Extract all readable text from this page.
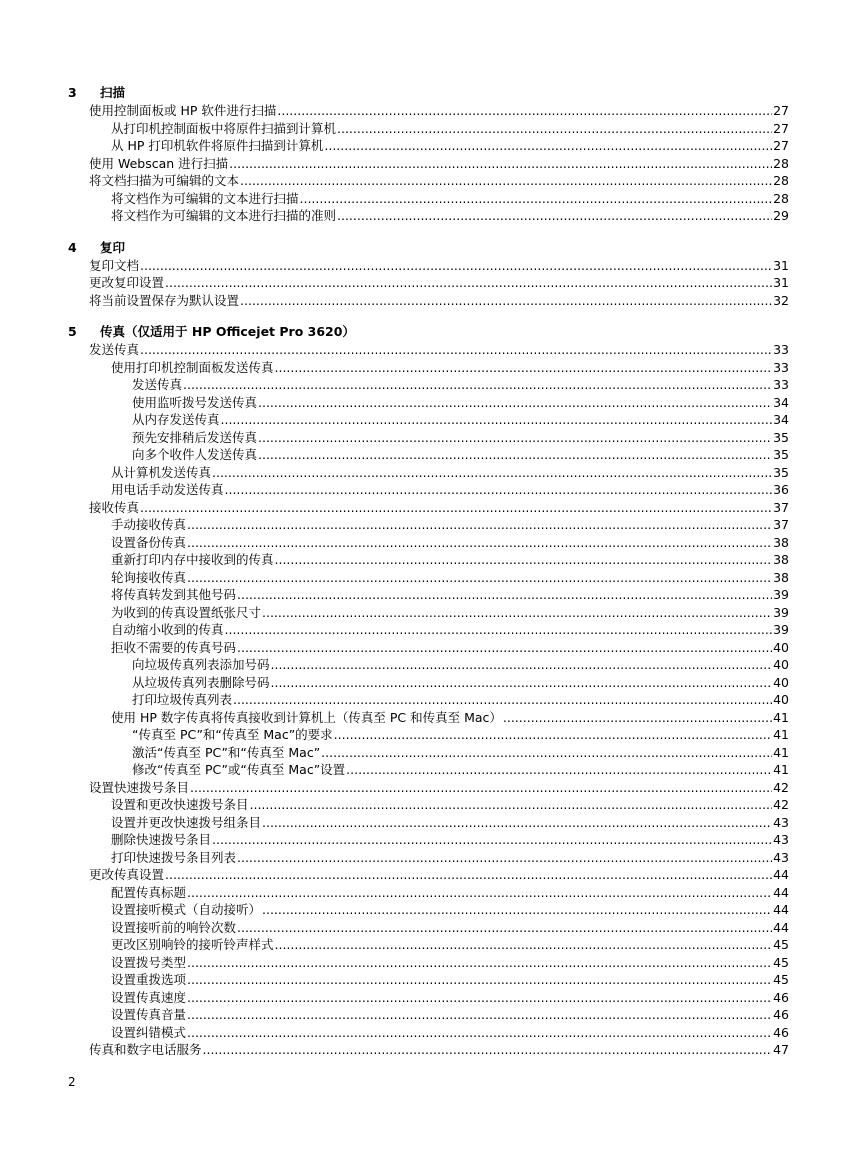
3	扫描
使用控制面板或 HP 软件进行扫描 .....	27
从打印机控制面板中将原件扫描到计算机 .....	27
从 HP 打印机软件将原件扫描到计算机 .....	27
使用 Webscan 进行扫描 .....	28
将文档扫描为可编辑的文本 .....	28
将文档作为可编辑的文本进行扫描 .....	28
将文档作为可编辑的文本进行扫描的准则 .....	29
4	复印
复印文档 .....	31
更改复印设置 .....	31
将当前设置保存为默认设置 .....	32
5	传真（仅适用于 HP Officejet Pro 3620）
发送传真 .....	33
使用打印机控制面板发送传真 .....	33
发送传真 .....	33
使用监听拨号发送传真 .....	34
从内存发送传真 .....	34
预先安排稍后发送传真 .....	35
向多个收件人发送传真 .....	35
从计算机发送传真 .....	35
用电话手动发送传真 .....	36
接收传真 .....	37
手动接收传真 .....	37
设置备份传真 .....	38
重新打印内存中接收到的传真 .....	38
轮询接收传真 .....	38
将传真转发到其他号码 .....	39
为收到的传真设置纸张尺寸 .....	39
自动缩小收到的传真 .....	39
拒收不需要的传真号码 .....	40
向垃圾传真列表添加号码 .....	40
从垃圾传真列表删除号码 .....	40
打印垃圾传真列表 .....	40
使用 HP 数字传真将传真接收到计算机上（传真至 PC 和传真至 Mac） .....	41
“传真至 PC”和“传真至 Mac”的要求 .....	41
激活“传真至 PC”和“传真至 Mac” .....	41
修改“传真至 PC”或“传真至 Mac”设置 .....	41
设置快速拨号条目 .....	42
设置和更改快速拨号条目 .....	42
设置并更改快速拨号组条目 .....	43
删除快速拨号条目 .....	43
打印快速拨号条目列表 .....	43
更改传真设置 .....	44
配置传真标题 .....	44
设置接听模式（自动接听） .....	44
设置接听前的响铃次数 .....	44
更改区别响铃的接听铃声样式 .....	45
设置拨号类型 .....	45
设置重拨选项 .....	45
设置传真速度 .....	46
设置传真音量 .....	46
设置纠错模式 .....	46
传真和数字电话服务 .....	47
2
